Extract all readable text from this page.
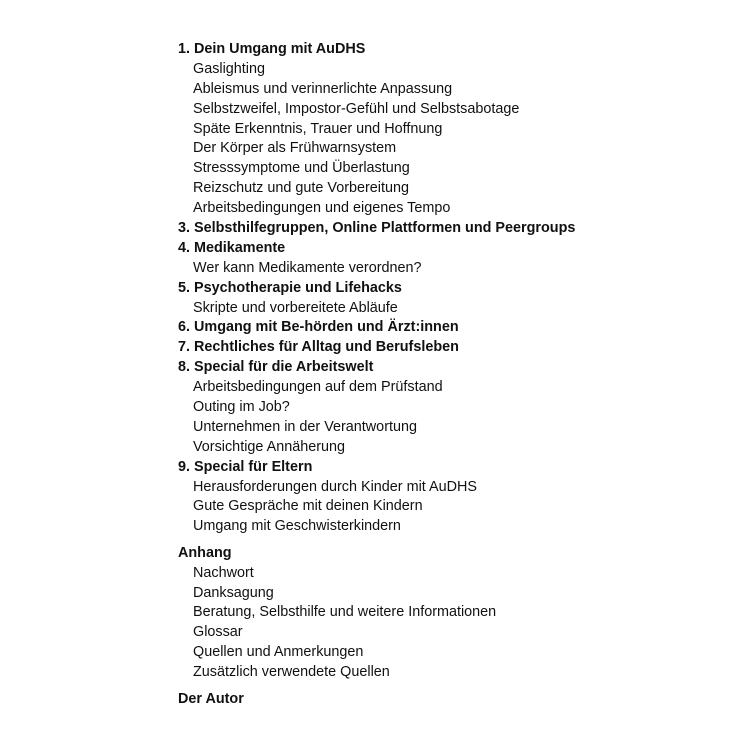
1. Dein Umgang mit AuDHS
Gaslighting
Ableismus und verinnerlichte Anpassung
Selbstzweifel, Impostor-Gefühl und Selbstsabotage
Späte Erkenntnis, Trauer und Hoffnung
Der Körper als Frühwarnsystem
Stresssymptome und Überlastung
Reizschutz und gute Vorbereitung
Arbeitsbedingungen und eigenes Tempo
3. Selbsthilfegruppen, Online Plattformen und Peergroups
4. Medikamente
Wer kann Medikamente verordnen?
5. Psychotherapie und Lifehacks
Skripte und vorbereitete Abläufe
6. Umgang mit Be-hörden und Ärzt:innen
7. Rechtliches für Alltag und Berufsleben
8. Special für die Arbeitswelt
Arbeitsbedingungen auf dem Prüfstand
Outing im Job?
Unternehmen in der Verantwortung
Vorsichtige Annäherung
9. Special für Eltern
Herausforderungen durch Kinder mit AuDHS
Gute Gespräche mit deinen Kindern
Umgang mit Geschwisterkindern
Anhang
Nachwort
Danksagung
Beratung, Selbsthilfe und weitere Informationen
Glossar
Quellen und Anmerkungen
Zusätzlich verwendete Quellen
Der Autor
